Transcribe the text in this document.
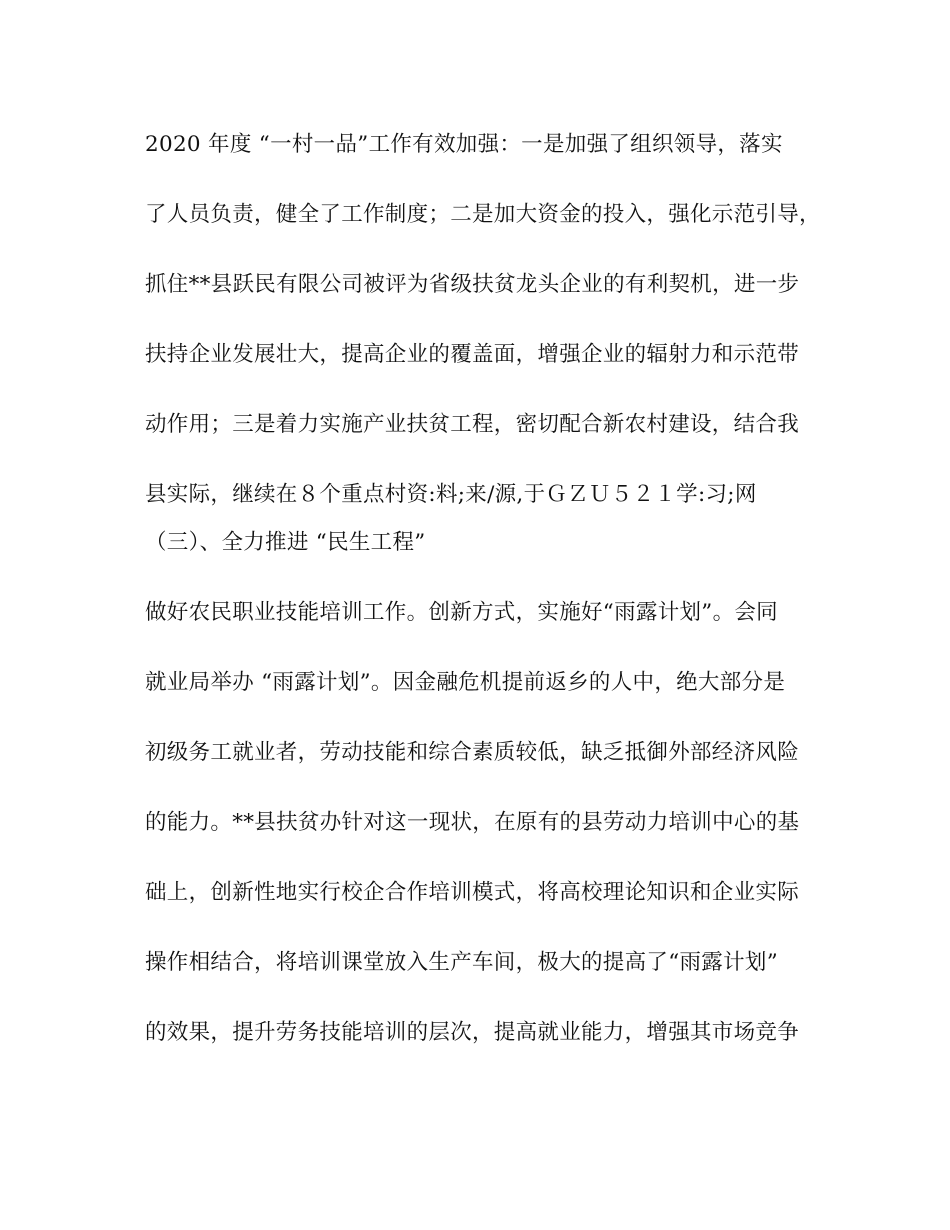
2020 年度 “一村一品”工作有效加强：一是加强了组织领导，落实
了人员负责，健全了工作制度；二是加大资金的投入，强化示范引导，
抓住**县跃民有限公司被评为省级扶贫龙头企业的有利契机，进一步
扶持企业发展壮大，提高企业的覆盖面，增强企业的辐射力和示范带
动作用；三是着力实施产业扶贫工程，密切配合新农村建设，结合我
县实际，继续在８个重点村资:料;来/源,于ＧＺＵ５２１学:习;网
（三）、全力推进 “民生工程”
做好农民职业技能培训工作。创新方式，实施好“雨露计划”。会同
就业局举办 “雨露计划”。因金融危机提前返乡的人中，绝大部分是
初级务工就业者，劳动技能和综合素质较低，缺乏抵御外部经济风险
的能力。**县扶贫办针对这一现状，在原有的县劳动力培训中心的基
础上，创新性地实行校企合作培训模式，将高校理论知识和企业实际
操作相结合，将培训课堂放入生产车间，极大的提高了“雨露计划”
的效果，提升劳务技能培训的层次，提高就业能力，增强其市场竞争
